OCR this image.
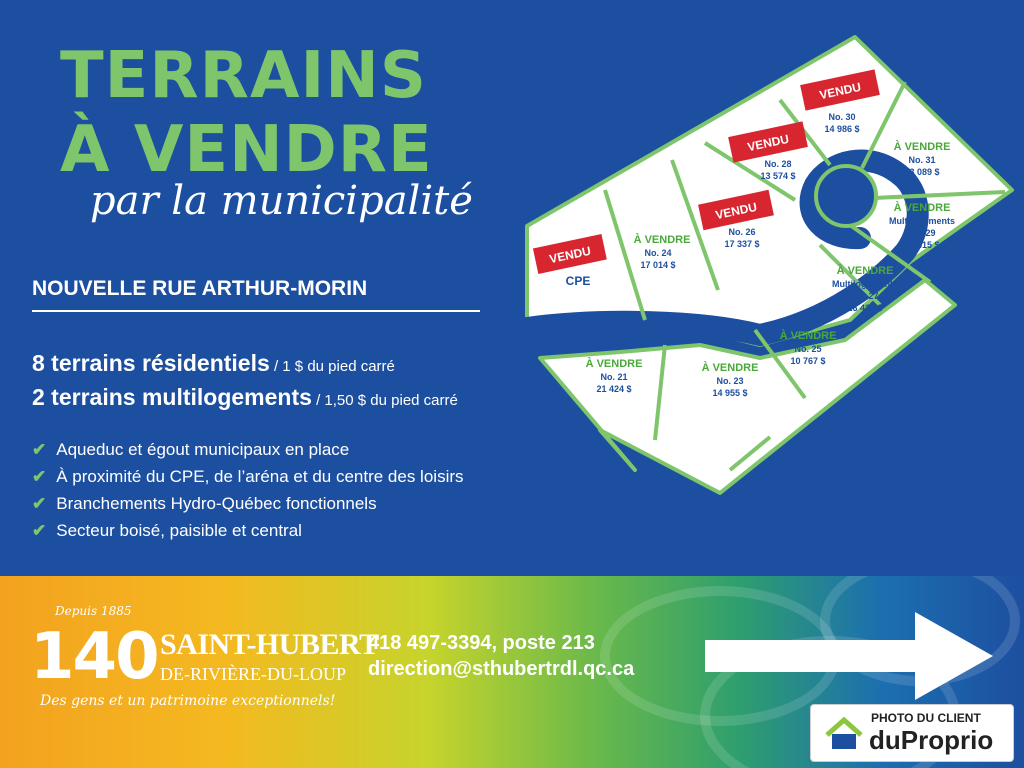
TERRAINS
À VENDRE
par la municipalité
NOUVELLE RUE ARTHUR-MORIN
8 terrains résidentiels / 1 $ du pied carré
2 terrains multilogements / 1,50 $ du pied carré
✔ Aqueduc et égout municipaux en place
✔ À proximité du CPE, de l’aréna et du centre des loisirs
✔ Branchements Hydro-Québec fonctionnels
✔ Secteur boisé, paisible et central
VENDU
VENDU
VENDU
VENDU
CPE
rue Arthur-Morin
À VENDRE
No. 24
17 014 $
No. 26
17 337 $
No. 28
13 574 $
No. 30
14 986 $
À VENDRE
No. 31
13 089 $
À VENDRE
Multilogements
No. 29
26 415 $
À VENDRE
Multilogements
No. 27
26 424 $
À VENDRE
No. 25
10 767 $
À VENDRE
No. 23
14 955 $
À VENDRE
No. 21
21 424 $
Depuis 1885
140 SAINT-HUBERT
DE-RIVIÈRE-DU-LOUP
Des gens et un patrimoine exceptionnels!
418 497-3394, poste 213
direction@sthubertrdl.qc.ca
PHOTO DU CLIENT
duProprio
